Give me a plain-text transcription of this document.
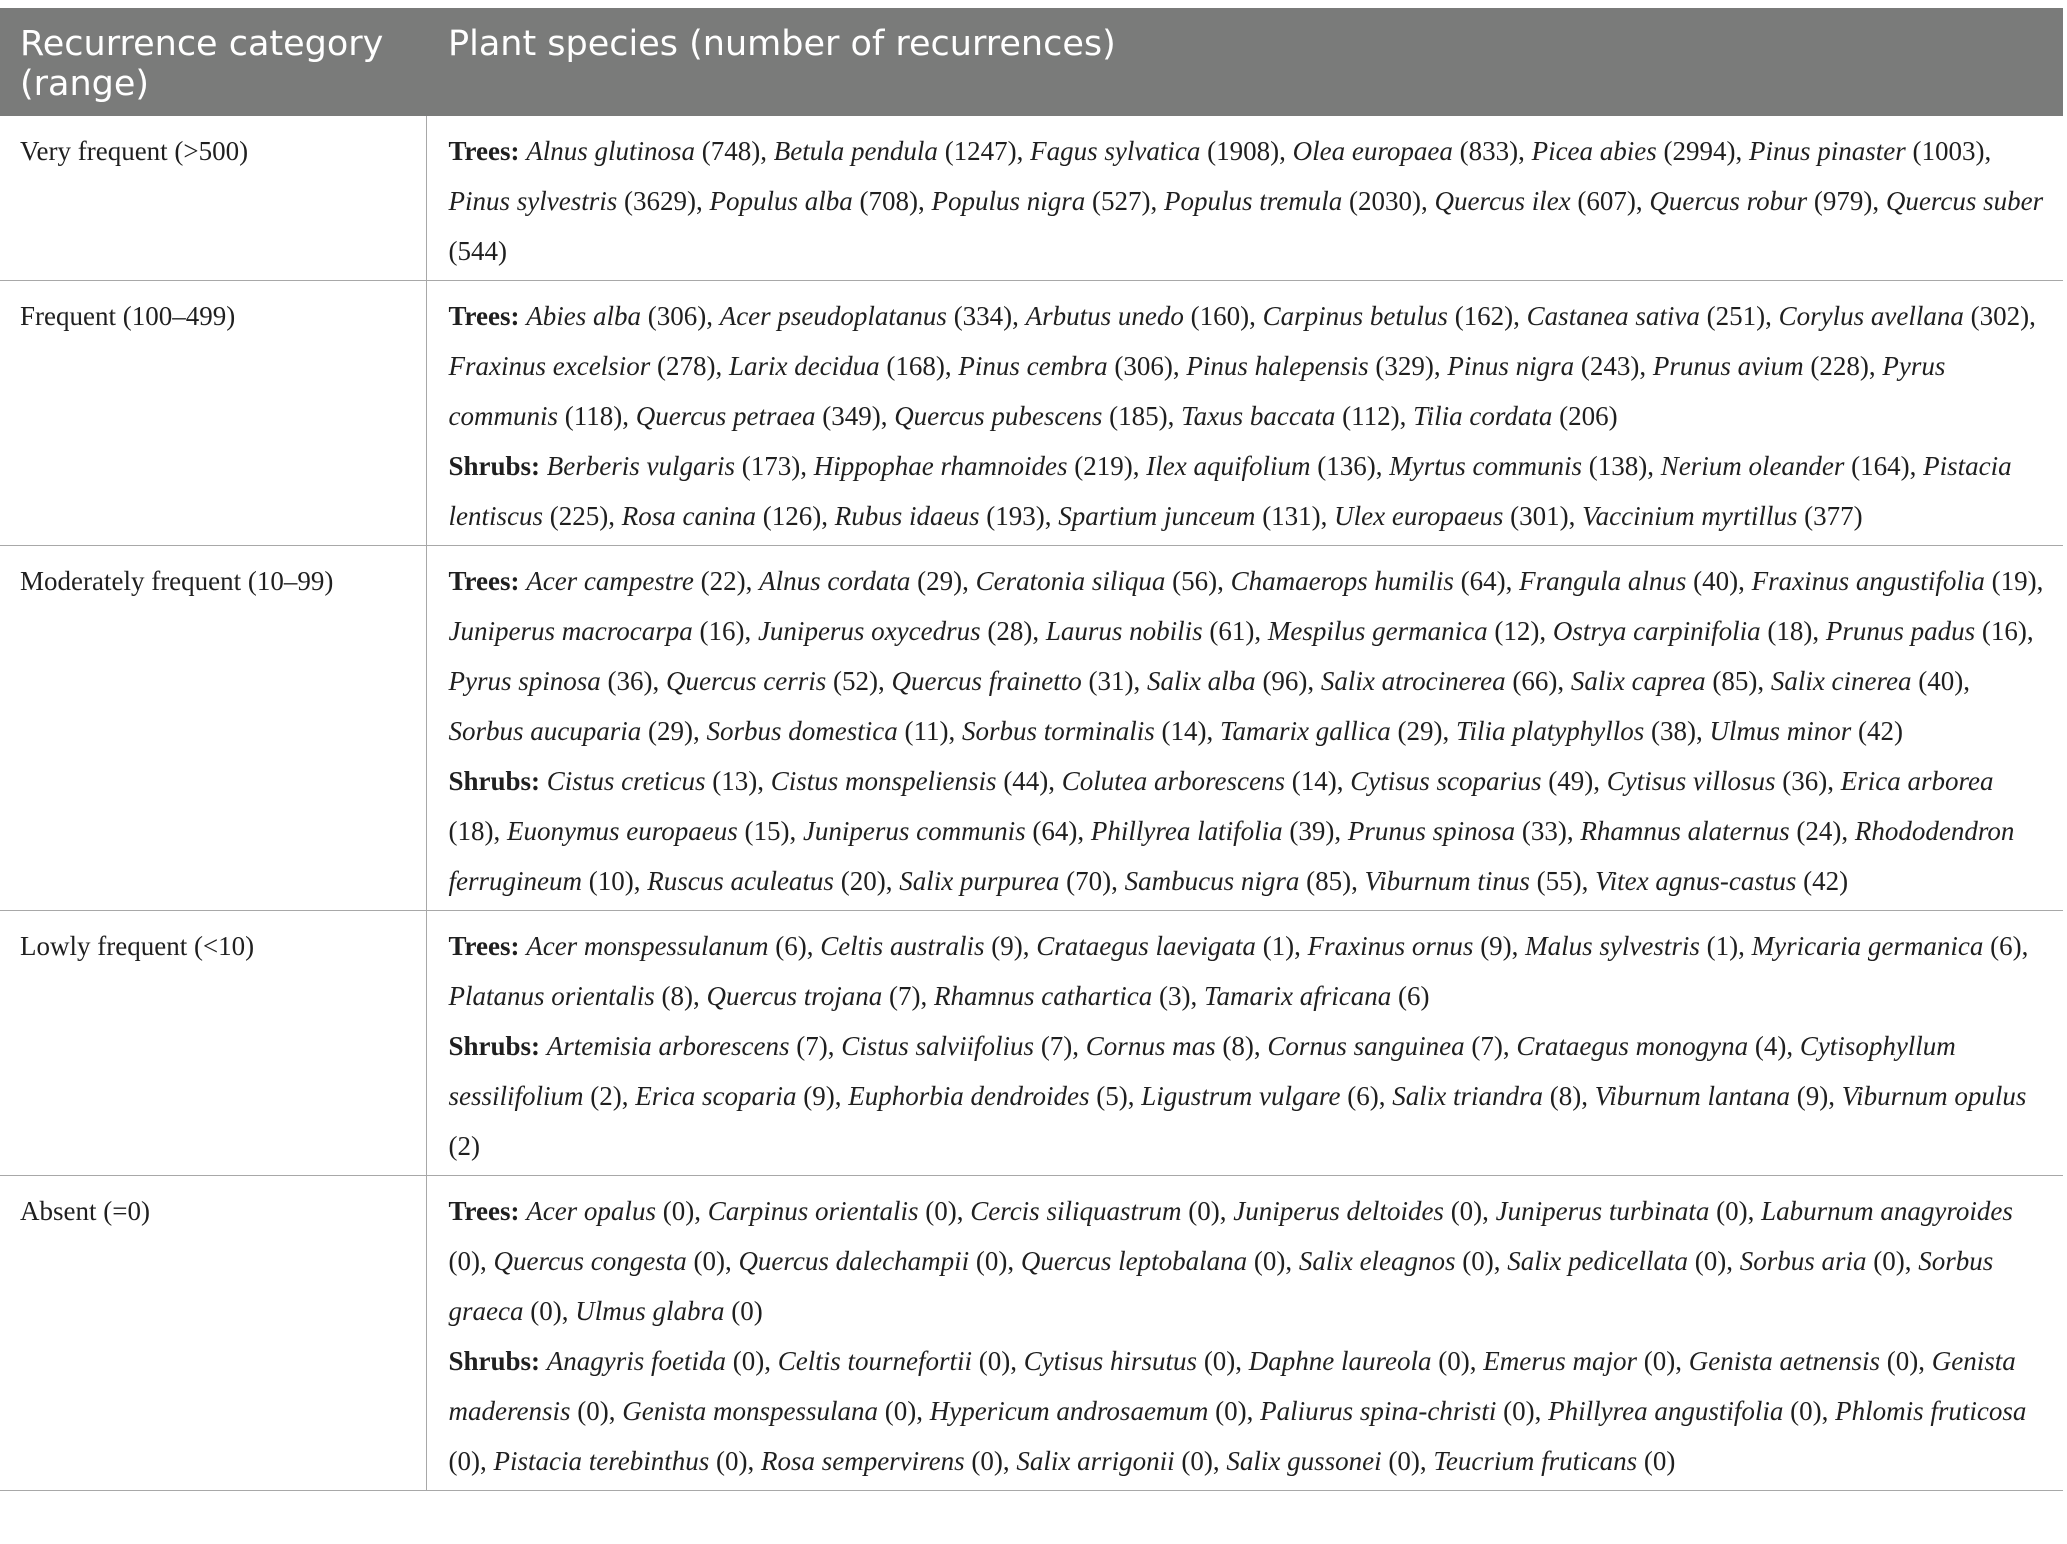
Recurrence category (range)	Plant species (number of recurrences)
Very frequent (>500)	Trees: Alnus glutinosa (748), Betula pendula (1247), Fagus sylvatica (1908), Olea europaea (833), Picea abies (2994), Pinus pinaster (1003), Pinus sylvestris (3629), Populus alba (708), Populus nigra (527), Populus tremula (2030), Quercus ilex (607), Quercus robur (979), Quercus suber (544)

Frequent (100–499)	Trees: Abies alba (306), Acer pseudoplatanus (334), Arbutus unedo (160), Carpinus betulus (162), Castanea sativa (251), Corylus avellana (302), Fraxinus excelsior (278), Larix decidua (168), Pinus cembra (306), Pinus halepensis (329), Pinus nigra (243), Prunus avium (228), Pyrus communis (118), Quercus petraea (349), Quercus pubescens (185), Taxus baccata (112), Tilia cordata (206)
Shrubs: Berberis vulgaris (173), Hippophae rhamnoides (219), Ilex aquifolium (136), Myrtus communis (138), Nerium oleander (164), Pistacia lentiscus (225), Rosa canina (126), Rubus idaeus (193), Spartium junceum (131), Ulex europaeus (301), Vaccinium myrtillus (377)

Moderately frequent (10–99)	Trees: Acer campestre (22), Alnus cordata (29), Ceratonia siliqua (56), Chamaerops humilis (64), Frangula alnus (40), Fraxinus angustifolia (19), Juniperus macrocarpa (16), Juniperus oxycedrus (28), Laurus nobilis (61), Mespilus germanica (12), Ostrya carpinifolia (18), Prunus padus (16), Pyrus spinosa (36), Quercus cerris (52), Quercus frainetto (31), Salix alba (96), Salix atrocinerea (66), Salix caprea (85), Salix cinerea (40), Sorbus aucuparia (29), Sorbus domestica (11), Sorbus torminalis (14), Tamarix gallica (29), Tilia platyphyllos (38), Ulmus minor (42)
Shrubs: Cistus creticus (13), Cistus monspeliensis (44), Colutea arborescens (14), Cytisus scoparius (49), Cytisus villosus (36), Erica arborea (18), Euonymus europaeus (15), Juniperus communis (64), Phillyrea latifolia (39), Prunus spinosa (33), Rhamnus alaternus (24), Rhododendron ferrugineum (10), Ruscus aculeatus (20), Salix purpurea (70), Sambucus nigra (85), Viburnum tinus (55), Vitex agnus-castus (42)

Lowly frequent (<10)	Trees: Acer monspessulanum (6), Celtis australis (9), Crataegus laevigata (1), Fraxinus ornus (9), Malus sylvestris (1), Myricaria germanica (6), Platanus orientalis (8), Quercus trojana (7), Rhamnus cathartica (3), Tamarix africana (6)
Shrubs: Artemisia arborescens (7), Cistus salviifolius (7), Cornus mas (8), Cornus sanguinea (7), Crataegus monogyna (4), Cytisophyllum sessilifolium (2), Erica scoparia (9), Euphorbia dendroides (5), Ligustrum vulgare (6), Salix triandra (8), Viburnum lantana (9), Viburnum opulus (2)

Absent (=0)	Trees: Acer opalus (0), Carpinus orientalis (0), Cercis siliquastrum (0), Juniperus deltoides (0), Juniperus turbinata (0), Laburnum anagyroides (0), Quercus congesta (0), Quercus dalechampii (0), Quercus leptobalana (0), Salix eleagnos (0), Salix pedicellata (0), Sorbus aria (0), Sorbus graeca (0), Ulmus glabra (0)
Shrubs: Anagyris foetida (0), Celtis tournefortii (0), Cytisus hirsutus (0), Daphne laureola (0), Emerus major (0), Genista aetnensis (0), Genista maderensis (0), Genista monspessulana (0), Hypericum androsaemum (0), Paliurus spina-christi (0), Phillyrea angustifolia (0), Phlomis fruticosa (0), Pistacia terebinthus (0), Rosa sempervirens (0), Salix arrigonii (0), Salix gussonei (0), Teucrium fruticans (0)
